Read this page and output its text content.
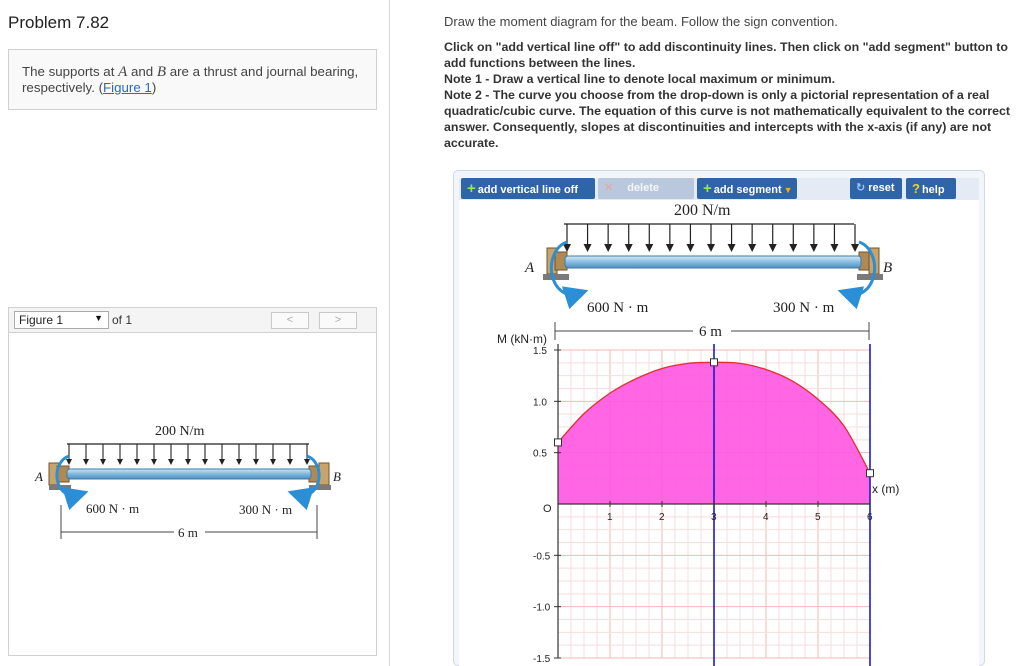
Problem 7.82
The supports at A and B are a thrust and journal bearing, respectively. (Figure 1)
Figure 1	▼ of 1	<	>
200 N/m
A	B
600 N · m	300 N · m
6 m
Draw the moment diagram for the beam. Follow the sign convention.
Click on "add vertical line off" to add discontinuity lines. Then click on "add segment" button to add functions between the lines.
Note 1 - Draw a vertical line to denote local maximum or minimum.
Note 2 - The curve you choose from the drop-down is only a pictorial representation of a real quadratic/cubic curve. The equation of this curve is not mathematically equivalent to the correct answer. Consequently, slopes at discontinuities and intercepts with the x-axis (if any) are not accurate.
+ add vertical line off	✕ delete	+ add segment ▼	↻ reset	? help
200 N/m
A	B
600 N · m	300 N · m
6 m
1	2	3	4	5	6
1.5
1.0
0.5
-0.5
-1.0
-1.5
M (kN·m)
x (m)
O
